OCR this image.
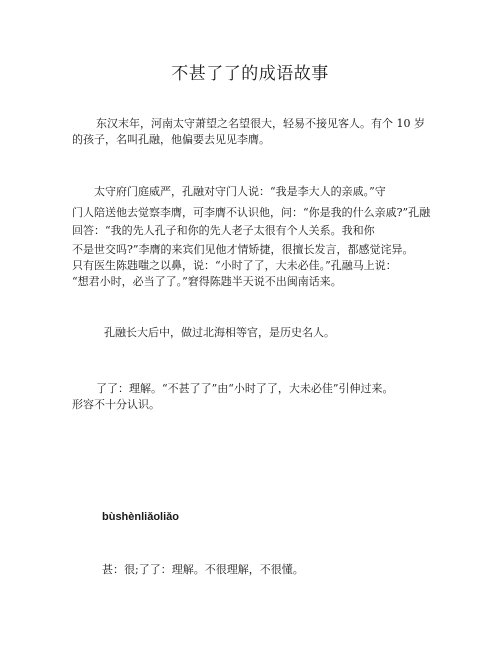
不甚了了的成语故事
东汉末年，河南太守萧望之名望很大，轻易不接见客人。有个 10 岁
的孩子，名叫孔融，他偏要去见见李膺。
太守府门庭威严，孔融对守门人说：“我是李大人的亲戚。”守
门人陪送他去觉察李膺，可李膺不认识他，问：“你是我的什么亲戚?”孔融
回答：“我的先人孔子和你的先人老子太很有个人关系。我和你
不是世交吗?”李膺的来宾们见他才情矫捷，很擅长发言，都感觉诧异。
只有医生陈韪嗤之以鼻，说：“小时了了，大未必佳。”孔融马上说：
“想君小时，必当了了。”窘得陈韪半天说不出闽南话来。
孔融长大后中，做过北海相等官，是历史名人。
了了：理解。“不甚了了”由“小时了了，大未必佳”引伸过来。
形容不十分认识。
bùshènliǎoliǎo
甚：很;了了：理解。不很理解，不很懂。
